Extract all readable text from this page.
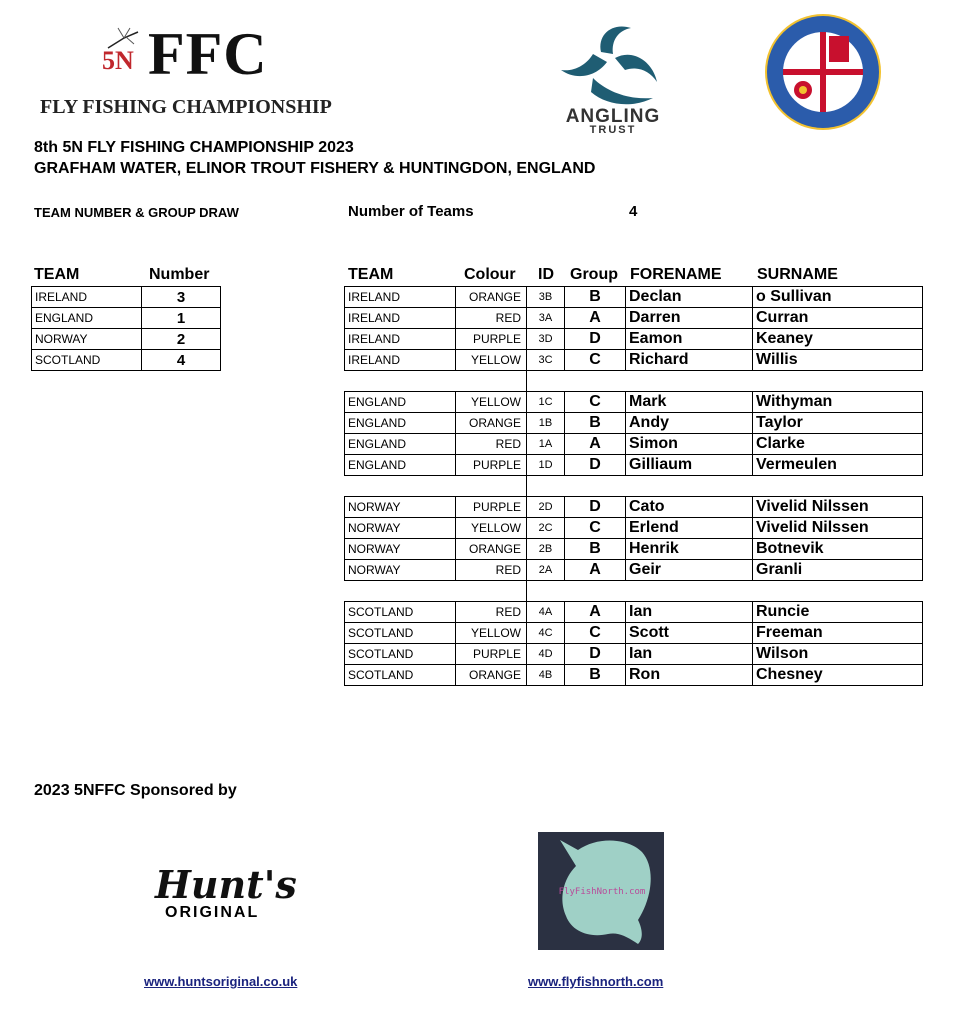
5N FFC
FLY FISHING CHAMPIONSHIP	ANGLING
TRUST
8th 5N FLY FISHING CHAMPIONSHIP 2023
GRAFHAM WATER, ELINOR TROUT FISHERY & HUNTINGDON, ENGLAND
TEAM NUMBER & GROUP DRAW	Number of Teams	4
TEAM	Number
IRELAND	3
ENGLAND	1
NORWAY	2
SCOTLAND	4
TEAM	Colour ID Group FORENAME SURNAME
IRELAND	ORANGE	3B	B	Declan	o Sullivan
IRELAND	RED	3A	A	Darren	Curran
IRELAND	PURPLE	3D	D	Eamon	Keaney
IRELAND	YELLOW	3C	C	Richard	Willis

ENGLAND	YELLOW	1C	C	Mark	Withyman
ENGLAND	ORANGE	1B	B	Andy	Taylor
ENGLAND	RED	1A	A	Simon	Clarke
ENGLAND	PURPLE	1D	D	Gilliaum	Vermeulen

NORWAY	PURPLE	2D	D	Cato	Vivelid Nilssen
NORWAY	YELLOW	2C	C	Erlend	Vivelid Nilssen
NORWAY	ORANGE	2B	B	Henrik	Botnevik
NORWAY	RED	2A	A	Geir	Granli

SCOTLAND	RED	4A	A	Ian	Runcie
SCOTLAND	YELLOW	4C	C	Scott	Freeman
SCOTLAND	PURPLE	4D	D	Ian	Wilson
SCOTLAND	ORANGE	4B	B	Ron	Chesney
2023 5NFFC Sponsored by
Hunt's
ORIGINAL
FlyFishNorth.com
www.huntsoriginal.co.uk	www.flyfishnorth.com
